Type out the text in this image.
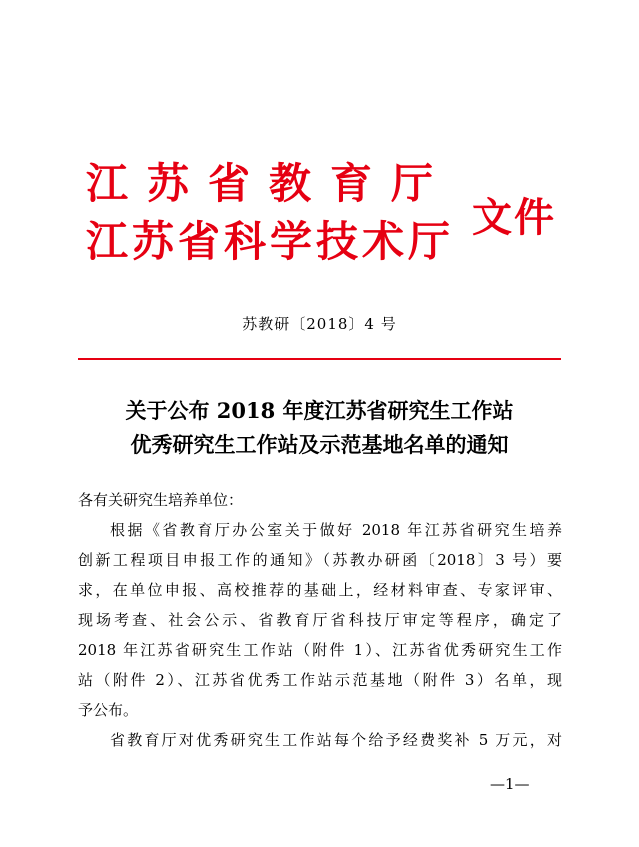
江苏省教育厅
江苏省科学技术厅 文件
苏教研〔2018〕4 号
关于公布 2018 年度江苏省研究生工作站
优秀研究生工作站及示范基地名单的通知

各有关研究生培养单位：

根据《省教育厅办公室关于做好 2018 年江苏省研究生培养
创新工程项目申报工作的通知》（苏教办研函〔2018〕3 号）要
求，在单位申报、高校推荐的基础上，经材料审查、专家评审、
现场考查、社会公示、省教育厅省科技厅审定等程序，确定了
2018 年江苏省研究生工作站（附件 1）、江苏省优秀研究生工作
站（附件 2）、江苏省优秀工作站示范基地（附件 3）名单，现
予公布。

省教育厅对优秀研究生工作站每个给予经费奖补 5 万元，对

—1—
